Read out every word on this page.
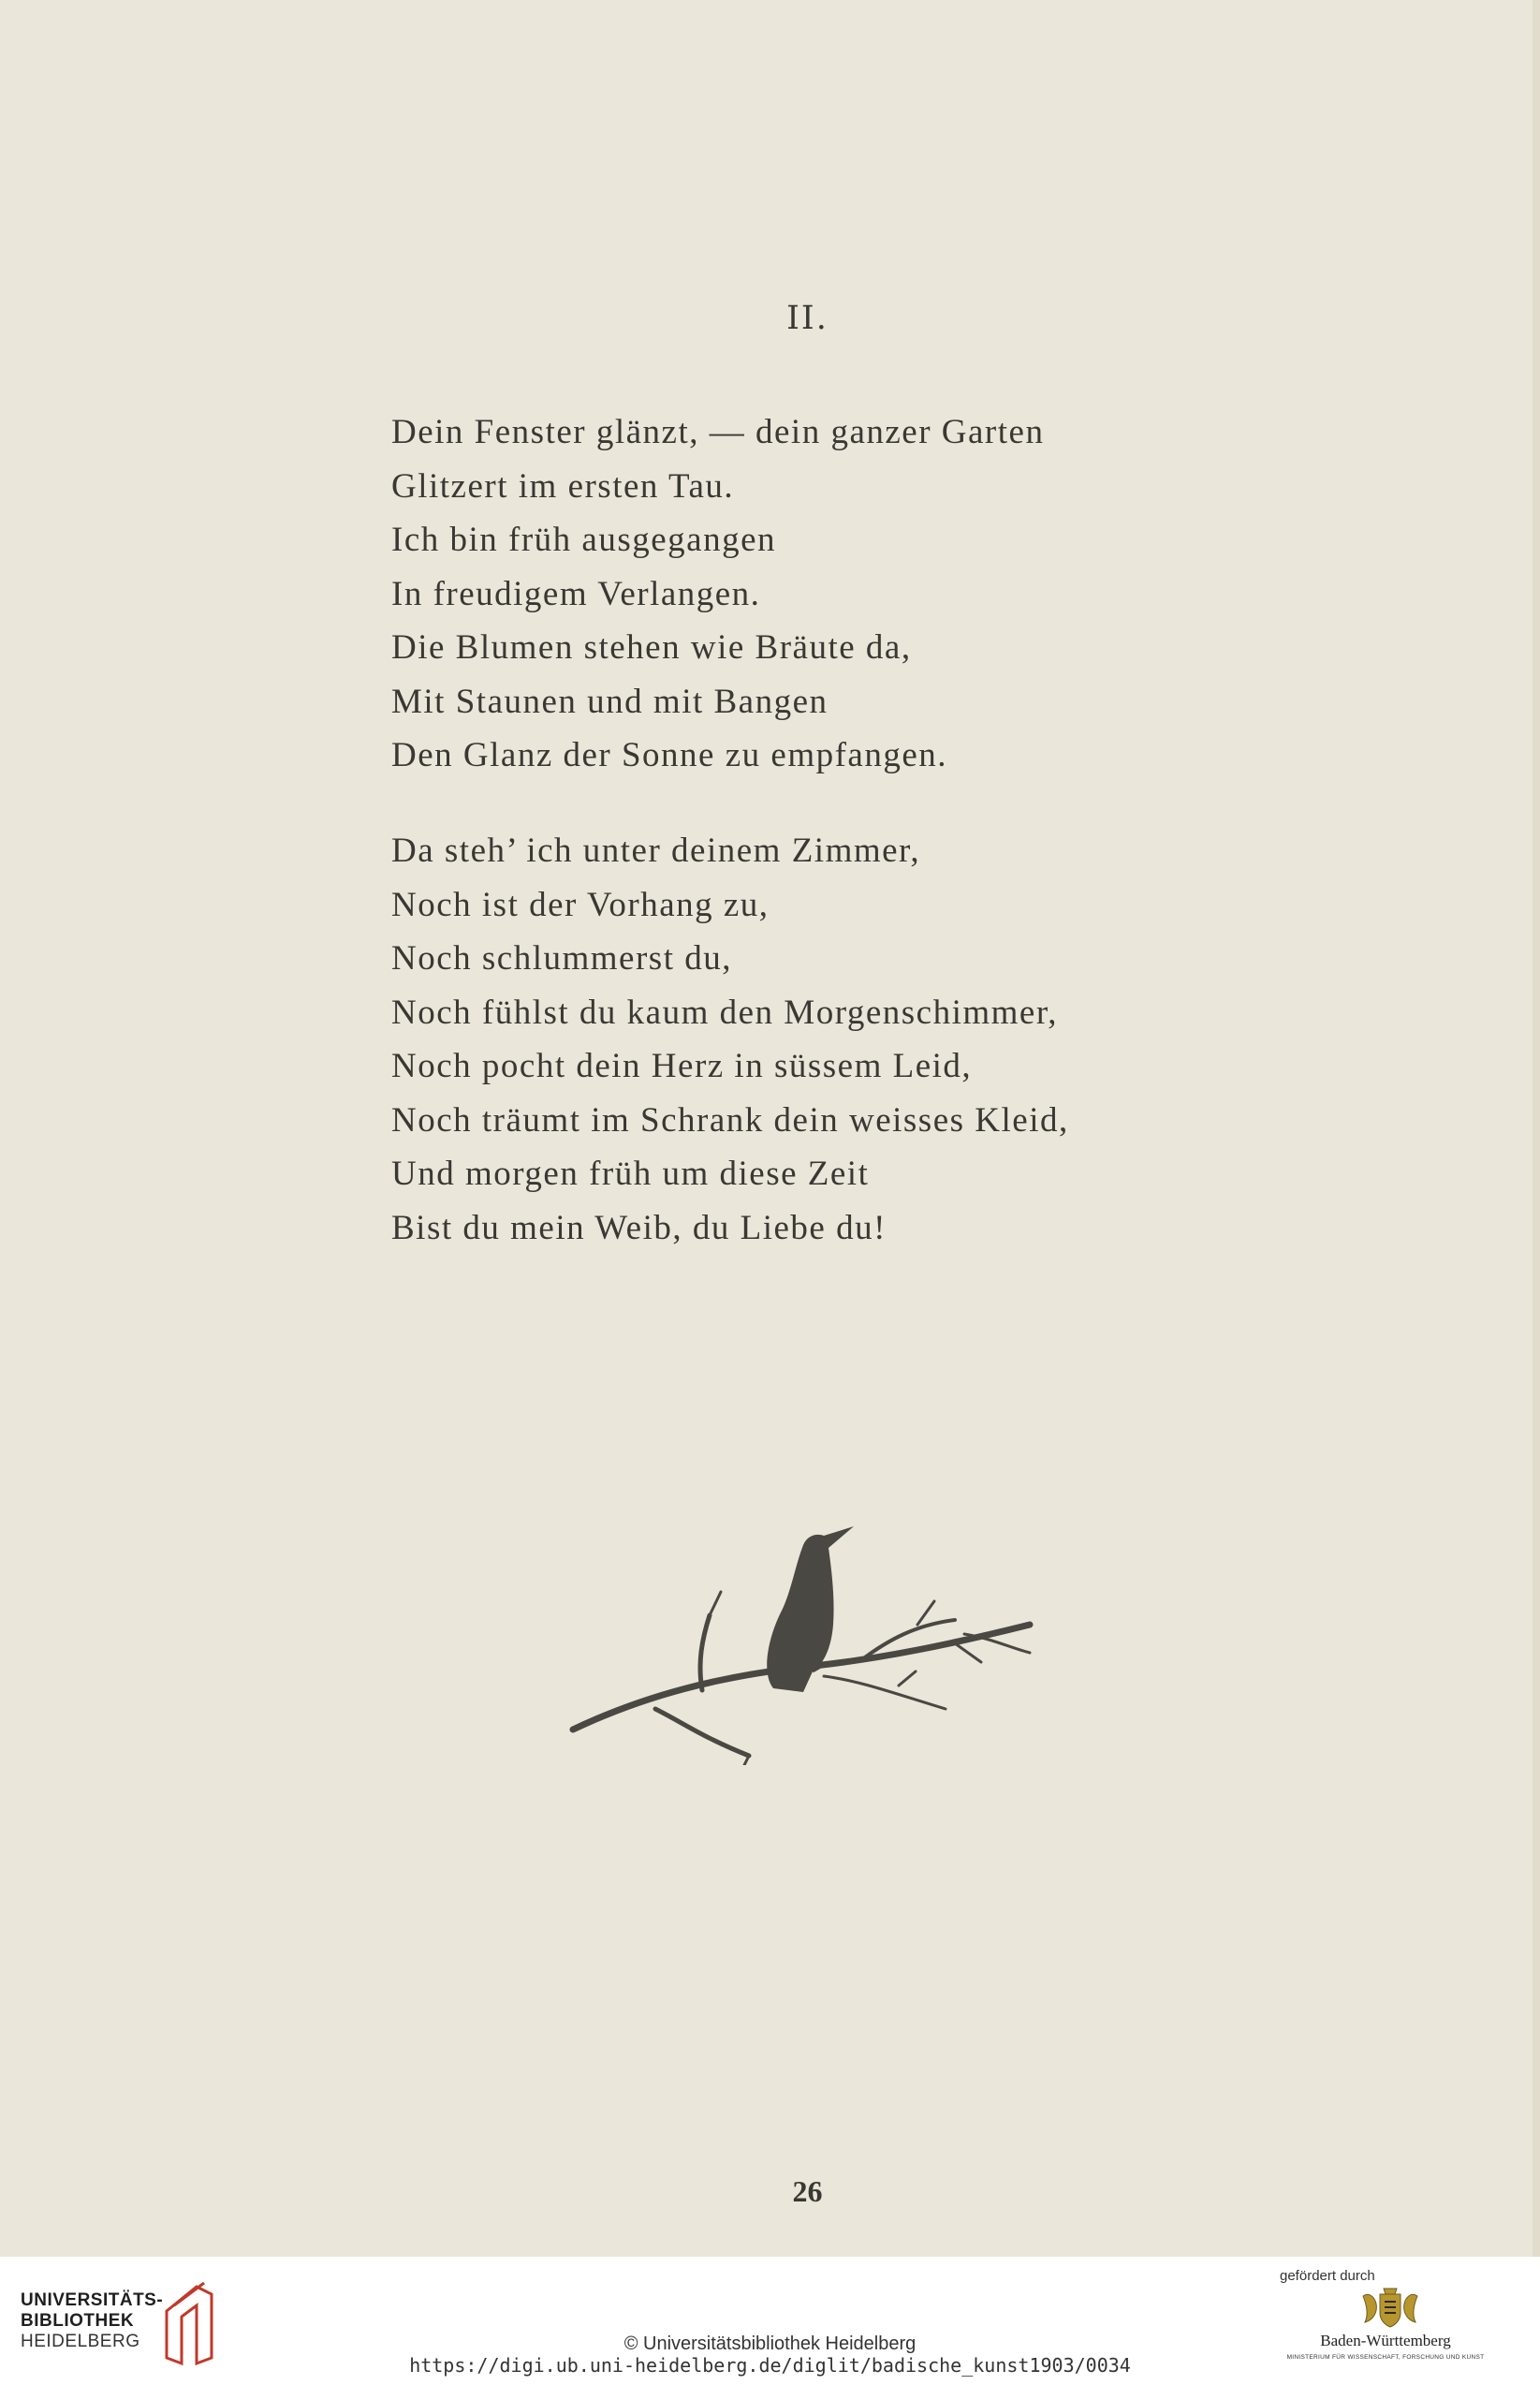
II.
Dein Fenster glänzt, — dein ganzer Garten
Glitzert im ersten Tau.
Ich bin früh ausgegangen
In freudigem Verlangen.
Die Blumen stehen wie Bräute da,
Mit Staunen und mit Bangen
Den Glanz der Sonne zu empfangen.
Da steh’ ich unter deinem Zimmer,
Noch ist der Vorhang zu,
Noch schlummerst du,
Noch fühlst du kaum den Morgenschimmer,
Noch pocht dein Herz in süssem Leid,
Noch träumt im Schrank dein weisses Kleid,
Und morgen früh um diese Zeit
Bist du mein Weib, du Liebe du!
26
UNIVERSITÄTS-
BIBLIOTHEK
HEIDELBERG	© Universitätsbibliothek Heidelberg
https://digi.ub.uni-heidelberg.de/diglit/badische_kunst1903/0034
gefördert durch
Baden-Württemberg
MINISTERIUM FÜR WISSENSCHAFT, FORSCHUNG UND KUNST
